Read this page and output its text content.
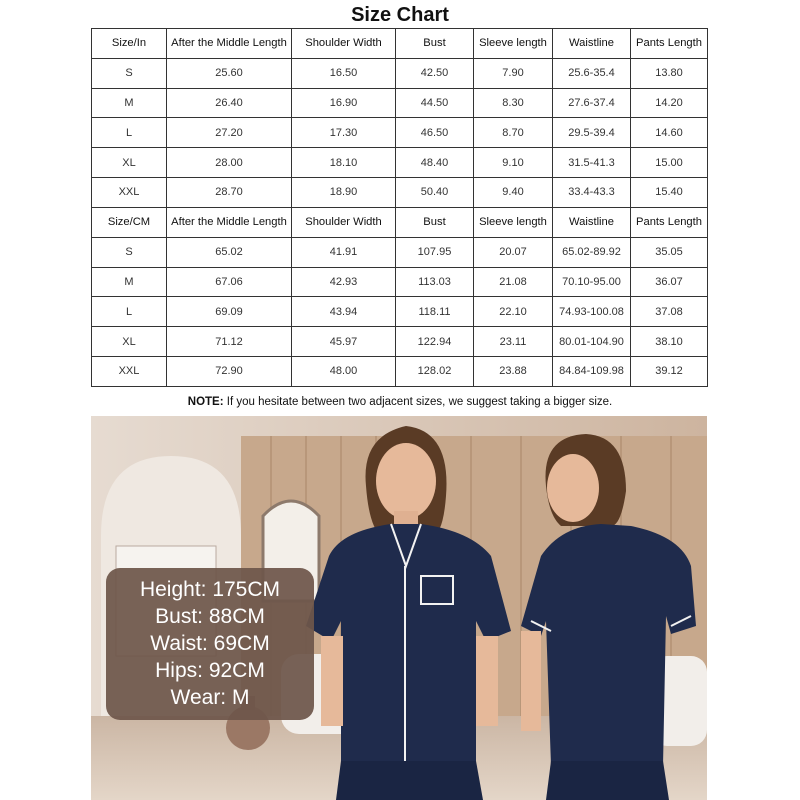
Size Chart
Size/In	After the Middle Length	Shoulder Width	Bust	Sleeve length	Waistline	Pants Length
S	25.60	16.50	42.50	7.90	25.6-35.4	13.80
M	26.40	16.90	44.50	8.30	27.6-37.4	14.20
L	27.20	17.30	46.50	8.70	29.5-39.4	14.60
XL	28.00	18.10	48.40	9.10	31.5-41.3	15.00
XXL	28.70	18.90	50.40	9.40	33.4-43.3	15.40
Size/CM	After the Middle Length	Shoulder Width	Bust	Sleeve length	Waistline	Pants Length
S	65.02	41.91	107.95	20.07	65.02-89.92	35.05
M	67.06	42.93	113.03	21.08	70.10-95.00	36.07
L	69.09	43.94	118.11	22.10	74.93-100.08	37.08
XL	71.12	45.97	122.94	23.11	80.01-104.90	38.10
XXL	72.90	48.00	128.02	23.88	84.84-109.98	39.12
NOTE: If you hesitate between two adjacent sizes, we suggest taking a bigger size.
Height: 175CM
Bust: 88CM
Waist: 69CM
Hips: 92CM
Wear: M
